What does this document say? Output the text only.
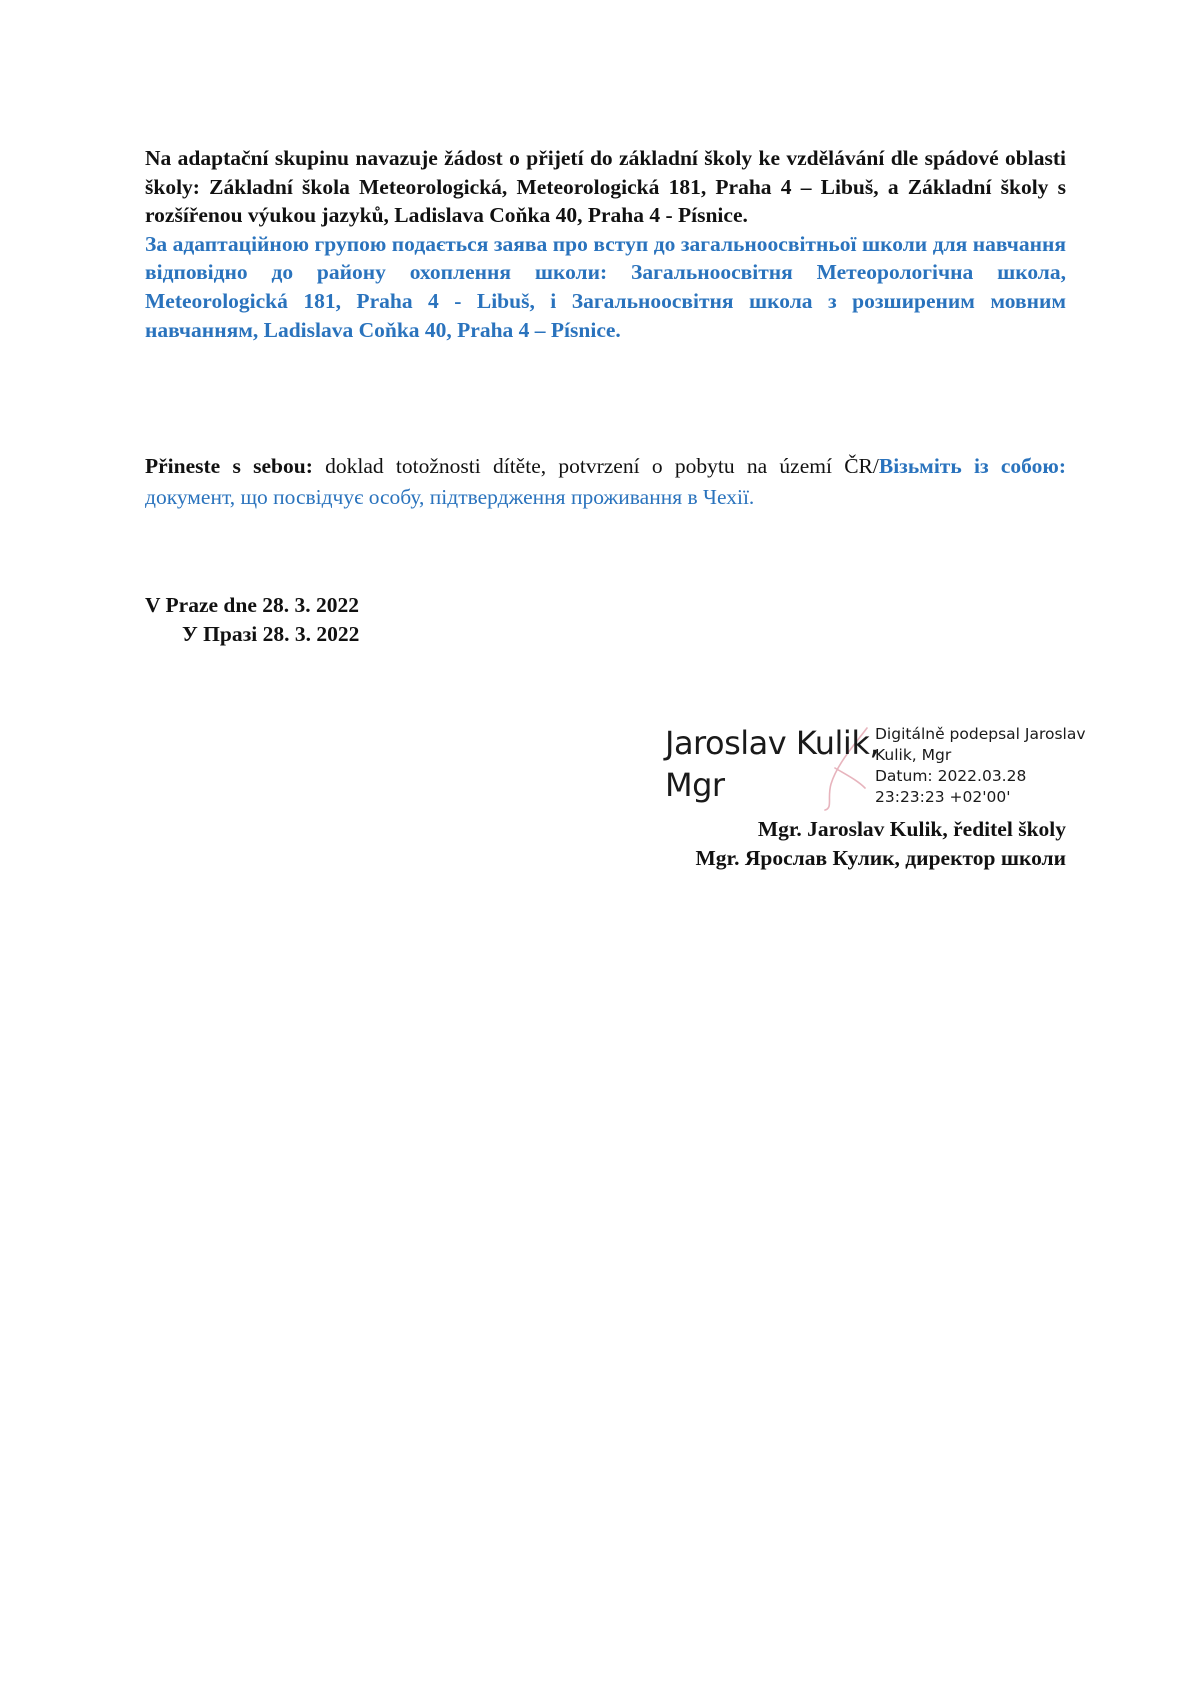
Na adaptační skupinu navazuje žádost o přijetí do základní školy ke vzdělávání dle spádové oblasti školy: Základní škola Meteorologická, Meteorologická 181, Praha 4 – Libuš, a Základní školy s rozšířenou výukou jazyků, Ladislava Coňka 40, Praha 4 - Písnice.

За адаптаційною групою подається заява про вступ до загальноосвітньої школи для навчання відповідно до району охоплення школи: Загальноосвітня Метеорологічна школа, Meteorologická 181, Praha 4 - Libuš, і Загальноосвітня школа з розширеним мовним навчанням, Ladislava Coňka 40, Praha 4 – Písnice.

Přineste s sebou: doklad totožnosti dítěte, potvrzení o pobytu na území ČR/Візьміть із собою: документ, що посвідчує особу, підтвердження проживання в Чехії.

V Praze dne 28. 3. 2022
У Празі 28. 3. 2022
Jaroslav Kulik,
Mgr
Digitálně podepsal Jaroslav
Kulik, Mgr
Datum: 2022.03.28
23:23:23 +02'00'
Mgr. Jaroslav Kulik, ředitel školy
Mgr. Ярослав Кулик, директор школи
